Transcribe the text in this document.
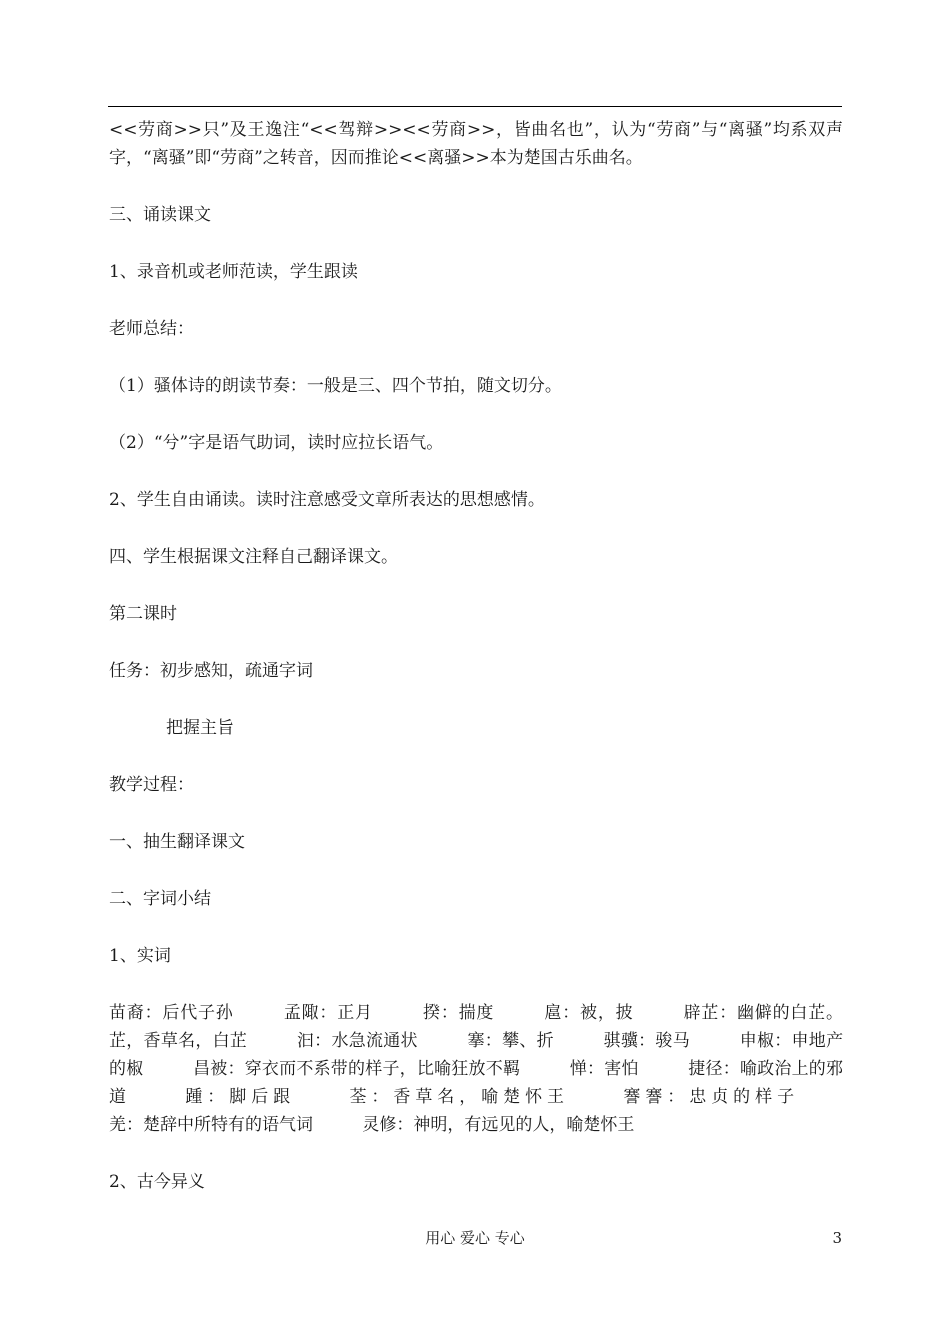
<<劳商>>只”及王逸注“<<驾辩>><<劳商>>，皆曲名也”，认为“劳商”与“离骚”均系双声字，“离骚”即“劳商”之转音，因而推论<<离骚>>本为楚国古乐曲名。

三、诵读课文

1、录音机或老师范读，学生跟读

老师总结：

（1）骚体诗的朗读节奏：一般是三、四个节拍，随文切分。

（2）“兮”字是语气助词，读时应拉长语气。

2、学生自由诵读。读时注意感受文章所表达的思想感情。

四、学生根据课文注释自己翻译课文。

第二课时

任务：初步感知，疏通字词

把握主旨

教学过程：

一、抽生翻译课文

二、字词小结

1、实词

苗裔：后代子孙	孟陬：正月	揆：揣度	扈：被，披	辟芷：幽僻的白芷。芷，香草名，白芷	汩：水急流通状	搴：攀、折	骐骥：骏马	申椒：申地产的椒	昌被：穿衣而不系带的样子，比喻狂放不羁	惮：害怕	捷径：喻政治上的邪道	踵：脚后跟	荃：香草名，喻楚怀王	謇謇：忠贞的样子 羌：楚辞中所特有的语气词	灵修：神明，有远见的人，喻楚怀王

2、古今异义

用心 爱心 专心	3
